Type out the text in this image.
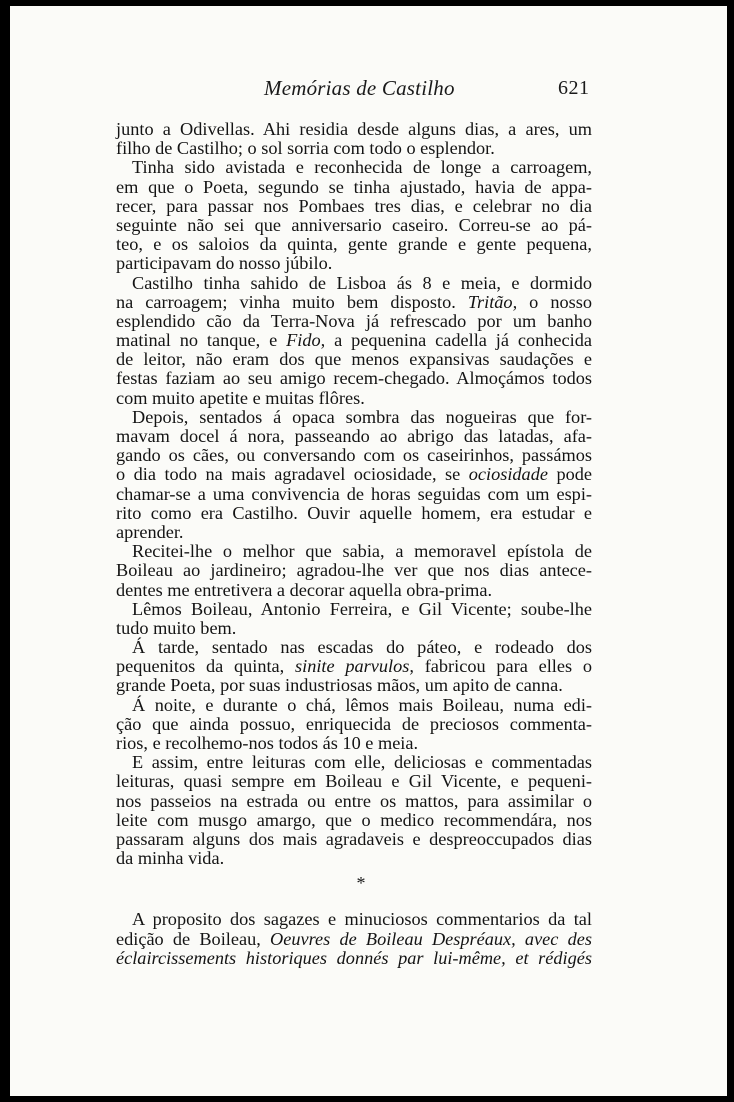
Memórias de Castilho	621
junto a Odivellas. Ahi residia desde alguns dias, a ares, um
filho de Castilho; o sol sorria com todo o esplendor.
Tinha sido avistada e reconhecida de longe a carroagem,
em que o Poeta, segundo se tinha ajustado, havia de appa-
recer, para passar nos Pombaes tres dias, e celebrar no dia
seguinte não sei que anniversario caseiro. Correu-se ao pá-
teo, e os saloios da quinta, gente grande e gente pequena,
participavam do nosso júbilo.
Castilho tinha sahido de Lisboa ás 8 e meia, e dormido
na carroagem; vinha muito bem disposto. Tritão, o nosso
esplendido cão da Terra-Nova já refrescado por um banho
matinal no tanque, e Fido, a pequenina cadella já conhecida
de leitor, não eram dos que menos expansivas saudações e
festas faziam ao seu amigo recem-chegado. Almoçámos todos
com muito apetite e muitas flôres.
Depois, sentados á opaca sombra das nogueiras que for-
mavam docel á nora, passeando ao abrigo das latadas, afa-
gando os cães, ou conversando com os caseirinhos, passámos
o dia todo na mais agradavel ociosidade, se ociosidade pode
chamar-se a uma convivencia de horas seguidas com um espi-
rito como era Castilho. Ouvir aquelle homem, era estudar e
aprender.
Recitei-lhe o melhor que sabia, a memoravel epístola de
Boileau ao jardineiro; agradou-lhe ver que nos dias antece-
dentes me entretivera a decorar aquella obra-prima.
Lêmos Boileau, Antonio Ferreira, e Gil Vicente; soube-lhe
tudo muito bem.
Á tarde, sentado nas escadas do páteo, e rodeado dos
pequenitos da quinta, sinite parvulos, fabricou para elles o
grande Poeta, por suas industriosas mãos, um apito de canna.
Á noite, e durante o chá, lêmos mais Boileau, numa edi-
ção que ainda possuo, enriquecida de preciosos commenta-
rios, e recolhemo-nos todos ás 10 e meia.
E assim, entre leituras com elle, deliciosas e commentadas
leituras, quasi sempre em Boileau e Gil Vicente, e pequeni-
nos passeios na estrada ou entre os mattos, para assimilar o
leite com musgo amargo, que o medico recommendára, nos
passaram alguns dos mais agradaveis e despreoccupados dias
da minha vida.
*
A proposito dos sagazes e minuciosos commentarios da tal
edição de Boileau, Oeuvres de Boileau Despréaux, avec des
éclaircissements historiques donnés par lui-même, et rédigés
